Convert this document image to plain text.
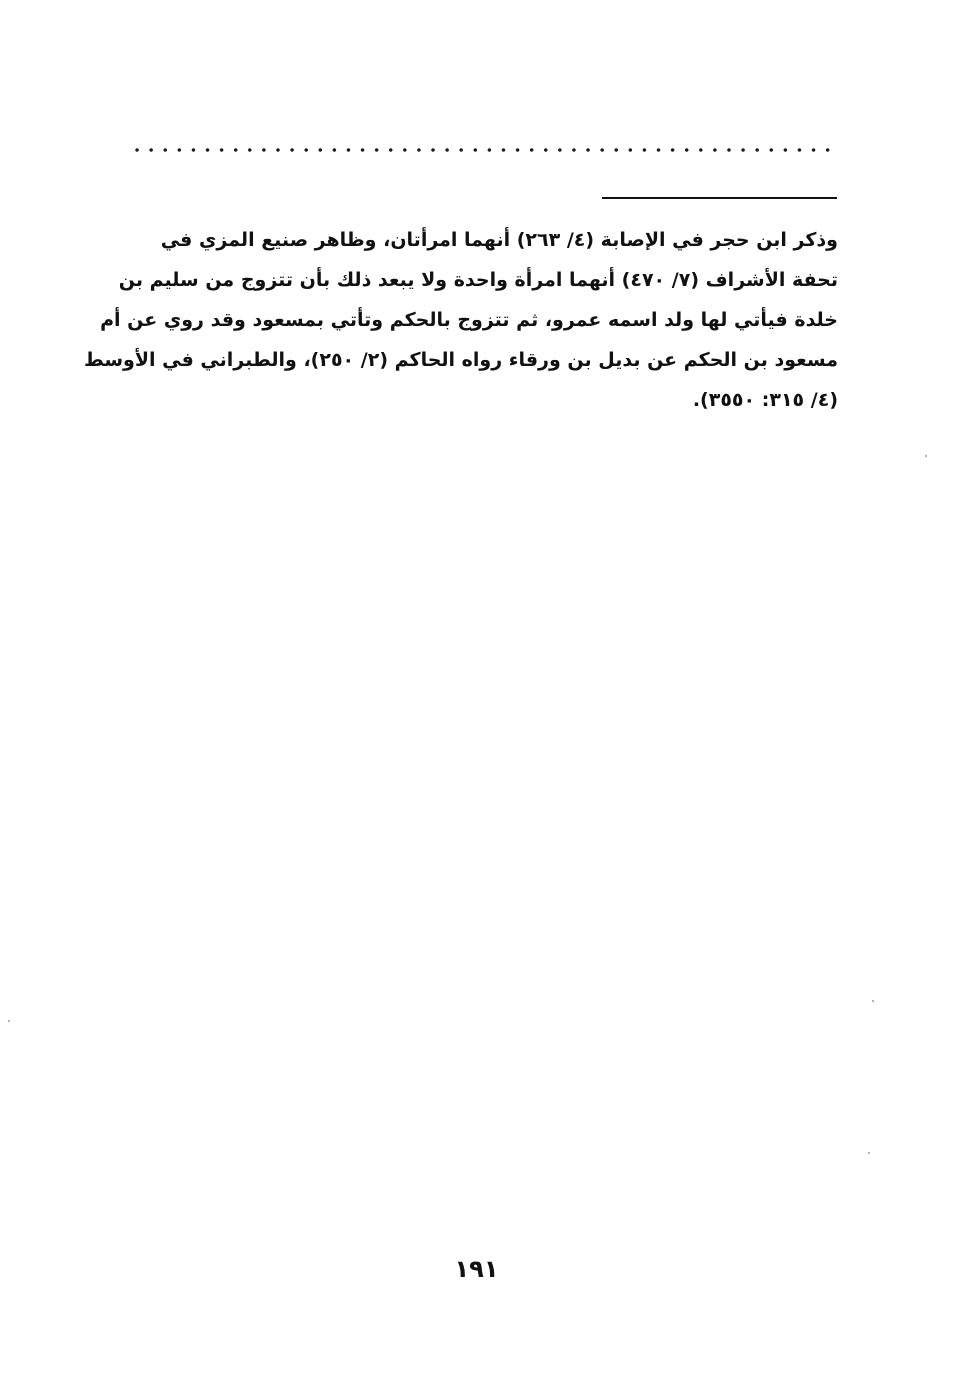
وذكر ابن حجر في الإصابة (٤/ ٢٦٣) أنهما امرأتان، وظاهر صنيع المزي في
تحفة الأشراف (٧/ ٤٧٠) أنهما امرأة واحدة ولا يبعد ذلك بأن تتزوج من سليم بن
خلدة فيأتي لها ولد اسمه عمرو، ثم تتزوج بالحكم وتأتي بمسعود وقد روي عن أم
مسعود بن الحكم عن بديل بن ورقاء رواه الحاكم (٢/ ٢٥٠)، والطبراني في الأوسط
(٤/ ٣١٥: ٣٥٥٠).
١٩١
